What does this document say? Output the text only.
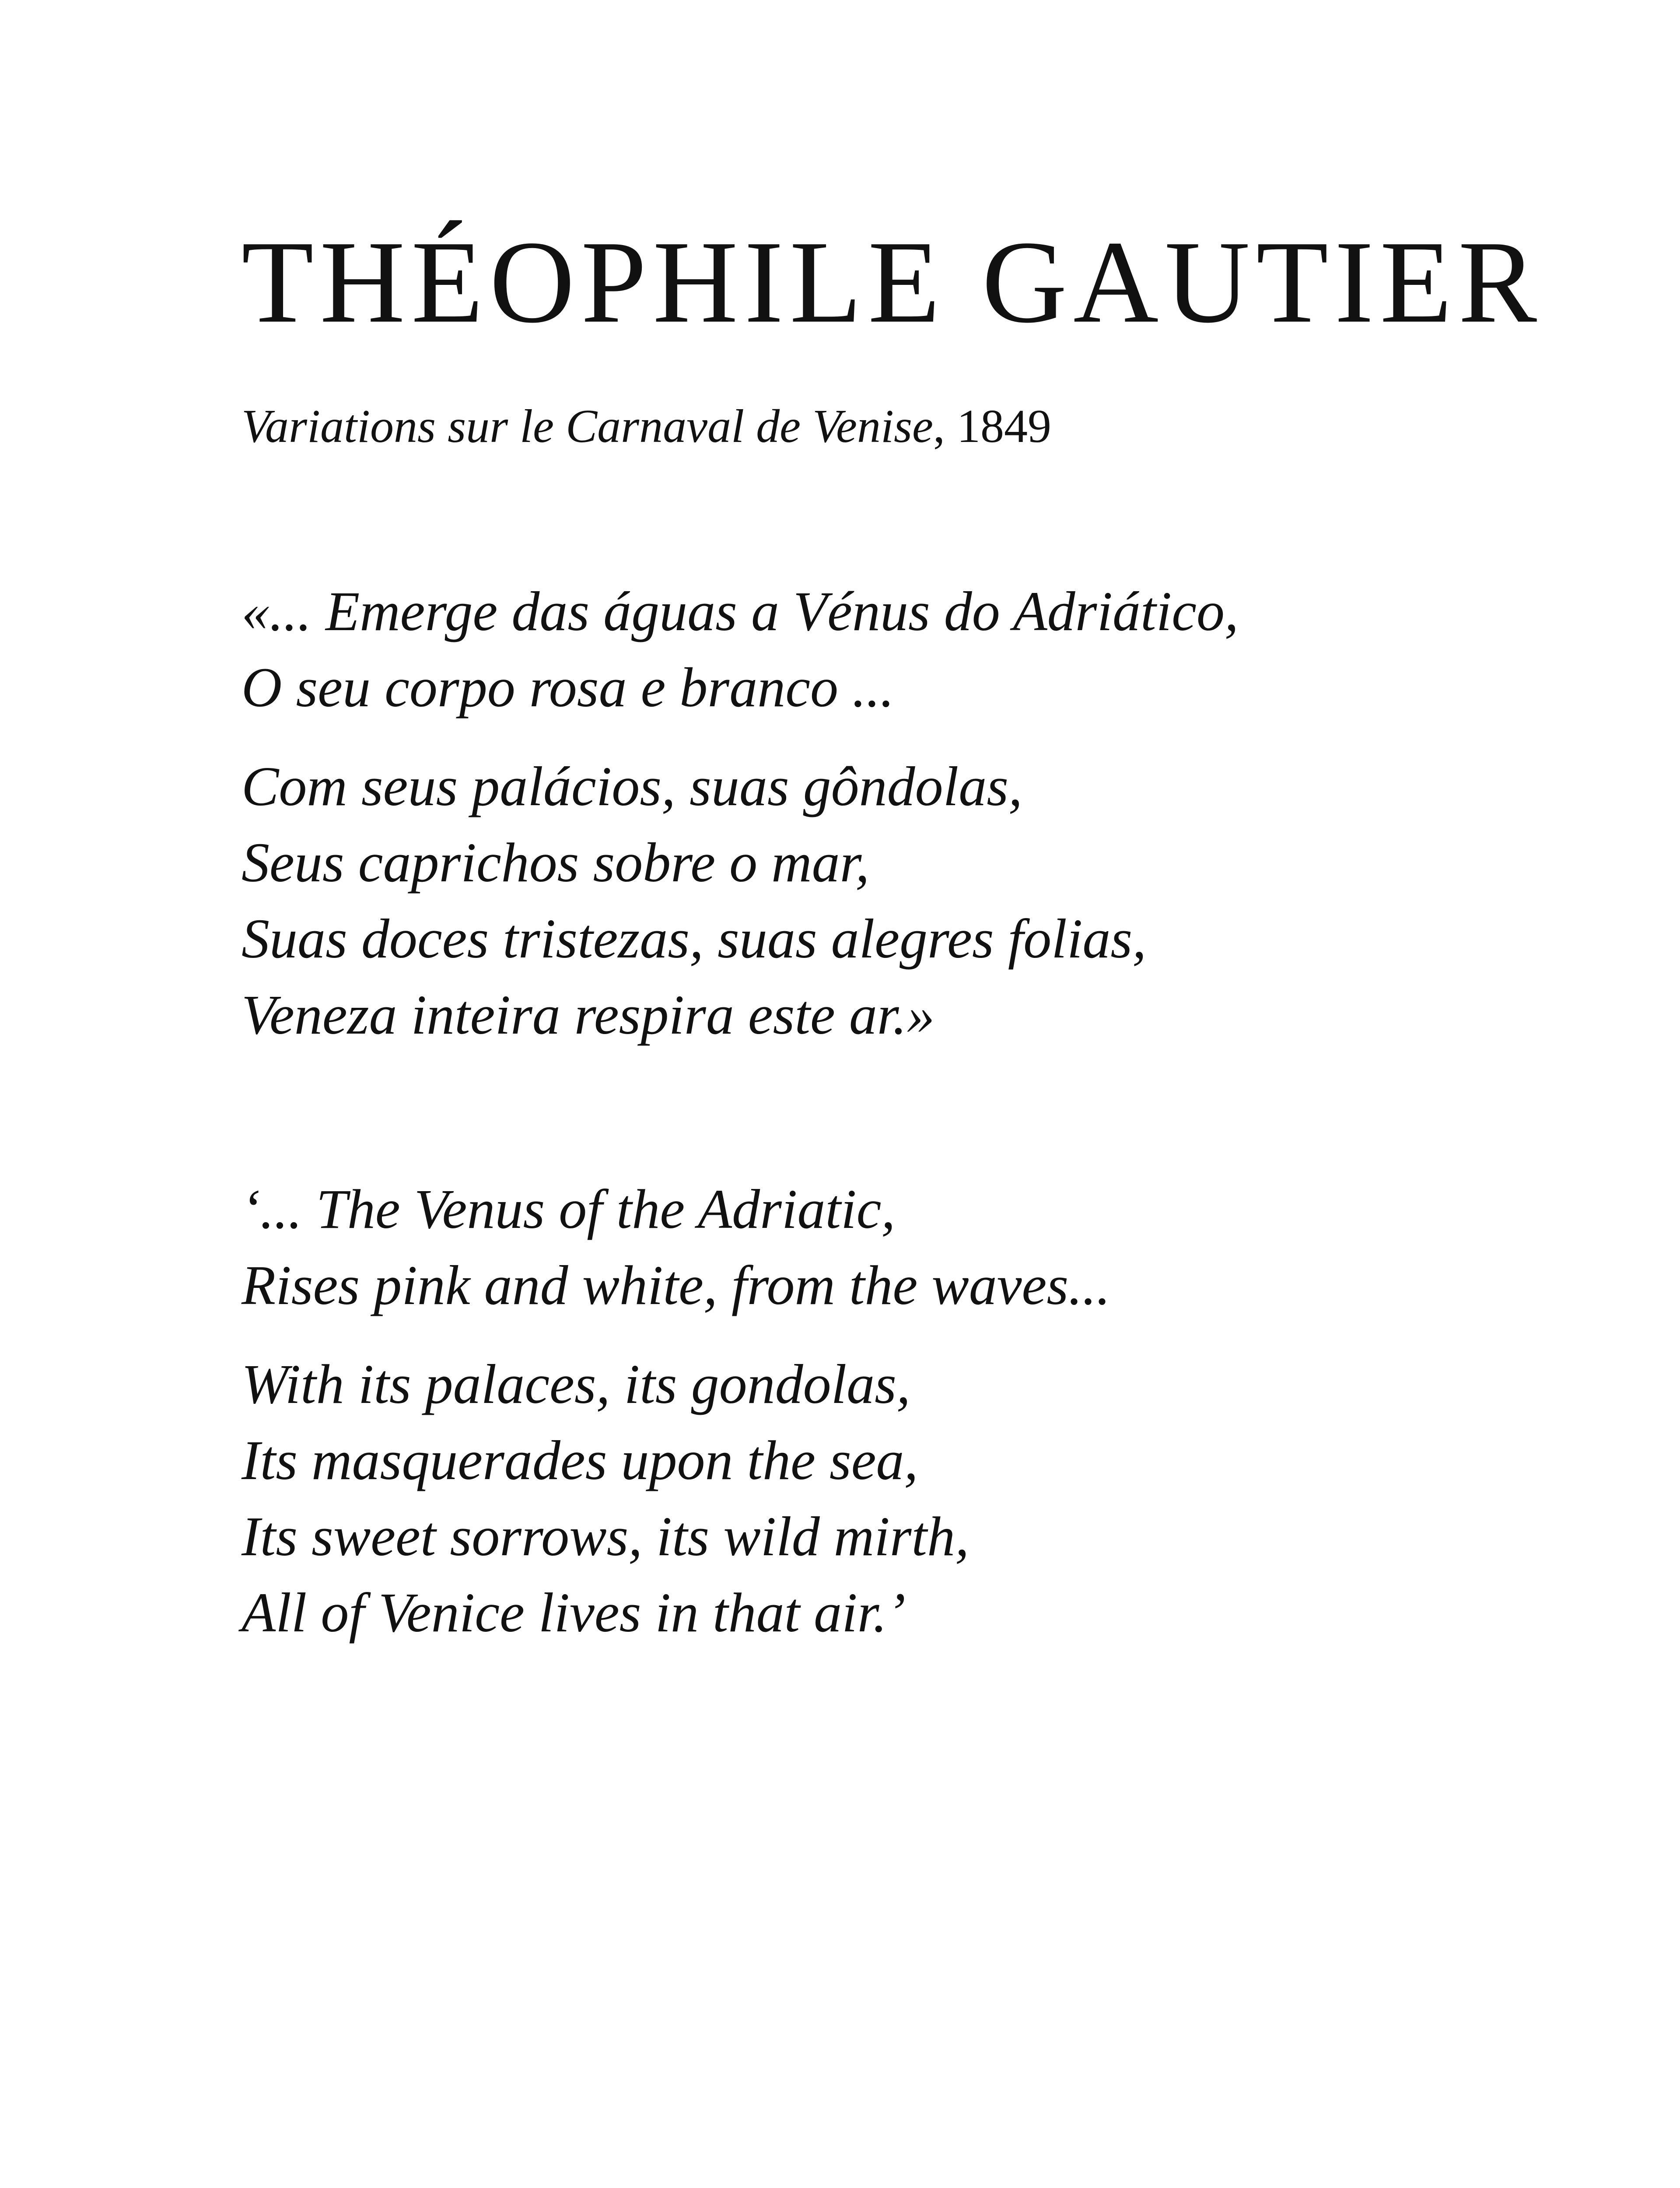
THÉOPHILE GAUTIER
Variations sur le Carnaval de Venise, 1849

«... Emerge das águas a Vénus do Adriático,
O seu corpo rosa e branco ...

Com seus palácios, suas gôndolas,
Seus caprichos sobre o mar,
Suas doces tristezas, suas alegres folias,
Veneza inteira respira este ar.»

‘... The Venus of the Adriatic,
Rises pink and white, from the waves...

With its palaces, its gondolas,
Its masquerades upon the sea,
Its sweet sorrows, its wild mirth,
All of Venice lives in that air.’
